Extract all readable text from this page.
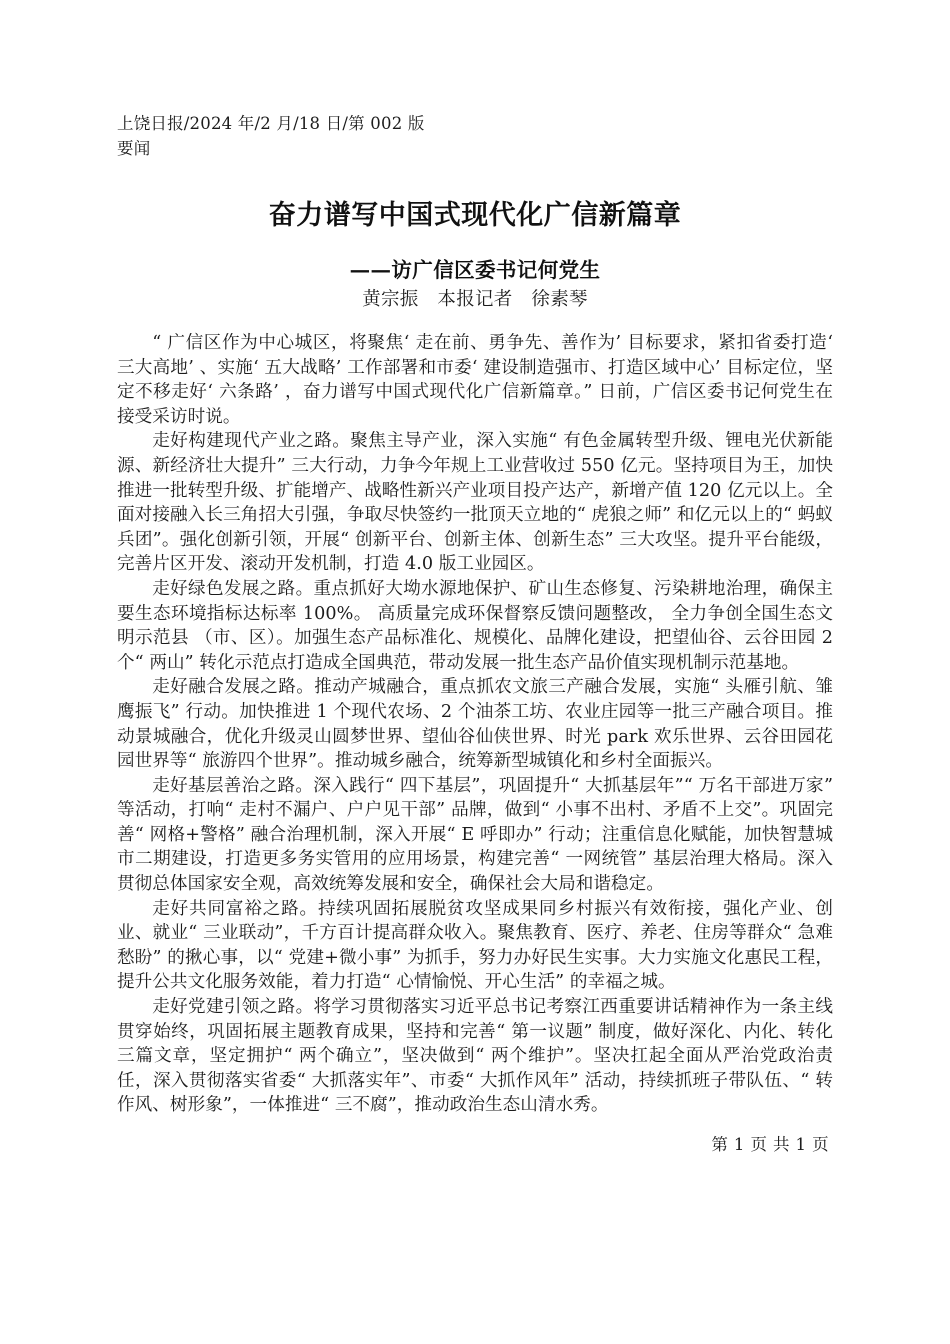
上饶日报/2024 年/2 月/18 日/第 002 版要闻
奋力谱写中国式现代化广信新篇章
——访广信区委书记何党生
黄宗振　本报记者　徐素琴

“ 广信区作为中心城区，将聚焦‘ 走在前、勇争先、善作为’ 目标要求，紧扣省委打造‘ 三大高地’ 、实施‘ 五大战略’ 工作部署和市委‘ 建设制造强市、打造区域中心’ 目标定位，坚定不移走好‘ 六条路’ ，奋力谱写中国式现代化广信新篇章。” 日前，广信区委书记何党生在接受采访时说。

走好构建现代产业之路。聚焦主导产业，深入实施“ 有色金属转型升级、锂电光伏新能源、新经济壮大提升” 三大行动，力争今年规上工业营收过 550 亿元。坚持项目为王，加快推进一批转型升级、扩能增产、战略性新兴产业项目投产达产，新增产值 120 亿元以上。全面对接融入长三角招大引强，争取尽快签约一批顶天立地的“ 虎狼之师” 和亿元以上的“ 蚂蚁兵团”。强化创新引领，开展“ 创新平台、创新主体、创新生态” 三大攻坚。提升平台能级，完善片区开发、滚动开发机制，打造 4.0 版工业园区。

走好绿色发展之路。重点抓好大坳水源地保护、矿山生态修复、污染耕地治理，确保主要生态环境指标达标率 100%。 高质量完成环保督察反馈问题整改， 全力争创全国生态文明示范县 （市、区）。加强生态产品标准化、规模化、品牌化建设，把望仙谷、云谷田园 2 个“ 两山” 转化示范点打造成全国典范，带动发展一批生态产品价值实现机制示范基地。

走好融合发展之路。推动产城融合，重点抓农文旅三产融合发展，实施“ 头雁引航、雏鹰振飞” 行动。加快推进 1 个现代农场、2 个油茶工坊、农业庄园等一批三产融合项目。推动景城融合，优化升级灵山圆梦世界、望仙谷仙侠世界、时光 park 欢乐世界、云谷田园花园世界等“ 旅游四个世界”。推动城乡融合，统筹新型城镇化和乡村全面振兴。

走好基层善治之路。深入践行“ 四下基层”，巩固提升“ 大抓基层年”“ 万名干部进万家” 等活动，打响“ 走村不漏户、户户见干部” 品牌，做到“ 小事不出村、矛盾不上交”。巩固完善“ 网格+警格” 融合治理机制，深入开展“ E 呼即办” 行动；注重信息化赋能，加快智慧城市二期建设，打造更多务实管用的应用场景，构建完善“ 一网统管” 基层治理大格局。深入贯彻总体国家安全观，高效统筹发展和安全，确保社会大局和谐稳定。

走好共同富裕之路。持续巩固拓展脱贫攻坚成果同乡村振兴有效衔接，强化产业、创业、就业“ 三业联动”，千方百计提高群众收入。聚焦教育、医疗、养老、住房等群众“ 急难愁盼” 的揪心事，以“ 党建+微小事” 为抓手，努力办好民生实事。大力实施文化惠民工程，提升公共文化服务效能，着力打造“ 心情愉悦、开心生活” 的幸福之城。

走好党建引领之路。将学习贯彻落实习近平总书记考察江西重要讲话精神作为一条主线贯穿始终，巩固拓展主题教育成果，坚持和完善“ 第一议题” 制度，做好深化、内化、转化三篇文章，坚定拥护“ 两个确立”，坚决做到“ 两个维护”。坚决扛起全面从严治党政治责任，深入贯彻落实省委“ 大抓落实年”、市委“ 大抓作风年” 活动，持续抓班子带队伍、“ 转作风、树形象”，一体推进“ 三不腐”，推动政治生态山清水秀。

第 1 页 共 1 页
